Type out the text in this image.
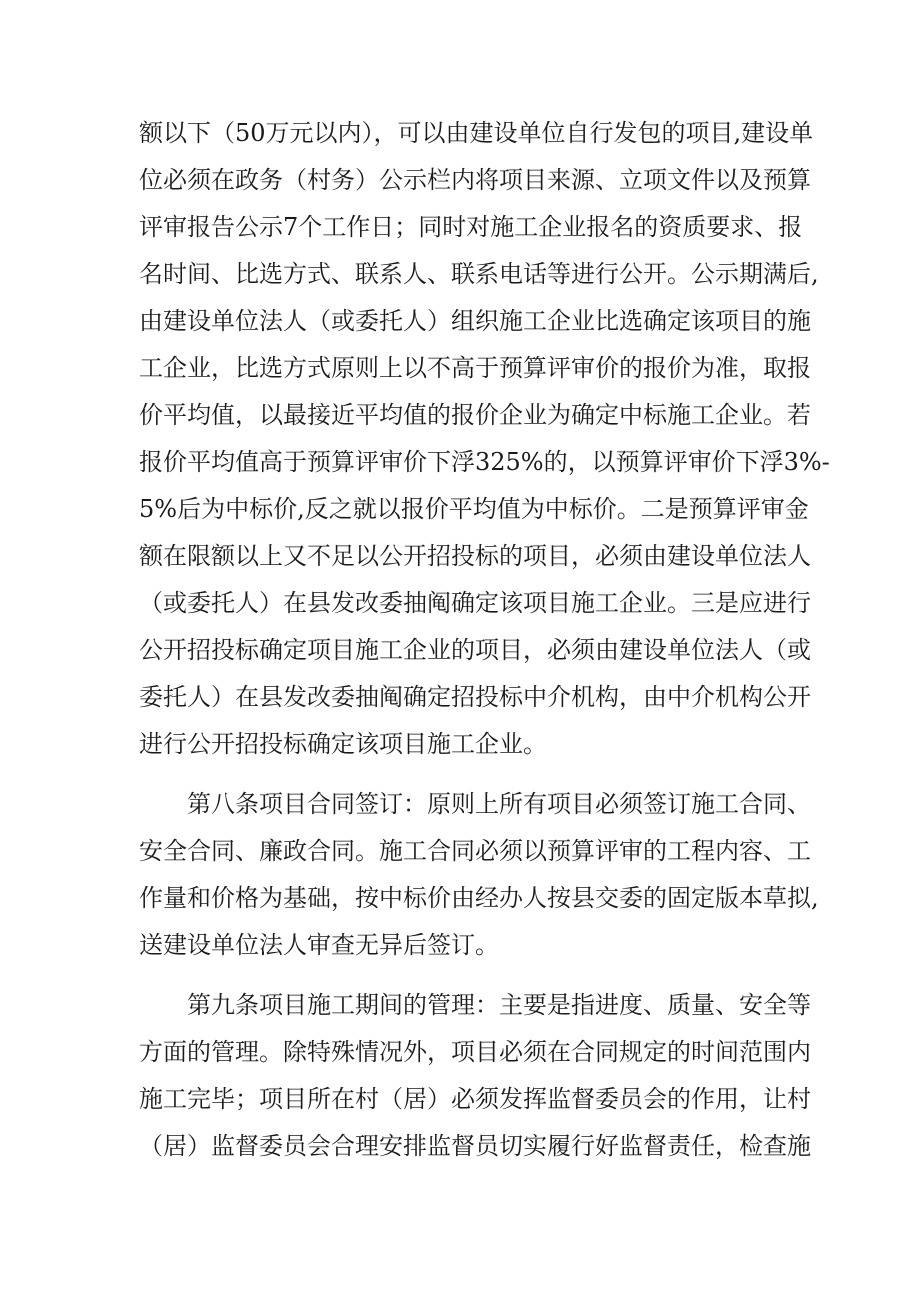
额以下（50万元以内），可以由建设单位自行发包的项目,建设单
位必须在政务（村务）公示栏内将项目来源、立项文件以及预算
评审报告公示7个工作日；同时对施工企业报名的资质要求、报
名时间、比选方式、联系人、联系电话等进行公开。公示期满后,
由建设单位法人（或委托人）组织施工企业比选确定该项目的施
工企业，比选方式原则上以不高于预算评审价的报价为准，取报
价平均值，以最接近平均值的报价企业为确定中标施工企业。若
报价平均值高于预算评审价下浮325%的，以预算评审价下浮3%-
5%后为中标价,反之就以报价平均值为中标价。二是预算评审金
额在限额以上又不足以公开招投标的项目，必须由建设单位法人
（或委托人）在县发改委抽阄确定该项目施工企业。三是应进行
公开招投标确定项目施工企业的项目，必须由建设单位法人（或
委托人）在县发改委抽阄确定招投标中介机构，由中介机构公开
进行公开招投标确定该项目施工企业。
第八条项目合同签订：原则上所有项目必须签订施工合同、
安全合同、廉政合同。施工合同必须以预算评审的工程内容、工
作量和价格为基础，按中标价由经办人按县交委的固定版本草拟,
送建设单位法人审查无异后签订。
第九条项目施工期间的管理：主要是指进度、质量、安全等
方面的管理。除特殊情况外，项目必须在合同规定的时间范围内
施工完毕；项目所在村（居）必须发挥监督委员会的作用，让村
（居）监督委员会合理安排监督员切实履行好监督责任，检查施
